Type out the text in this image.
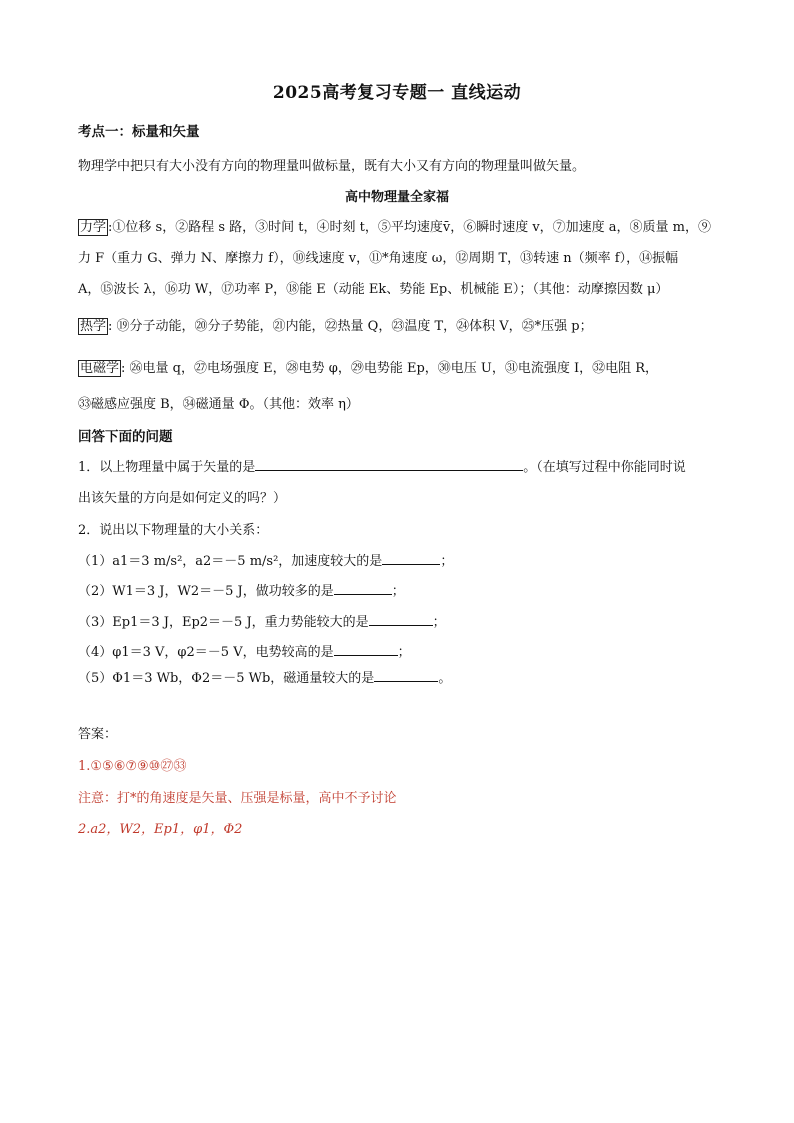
2025高考复习专题一 直线运动
考点一：标量和矢量
物理学中把只有大小没有方向的物理量叫做标量，既有大小又有方向的物理量叫做矢量。
高中物理量全家福
力学 :①位移 s，②路程 s 路，③时间 t，④时刻 t，⑤平均速度v̄，⑥瞬时速度 v，⑦加速度 a，⑧质量 m，⑨
力 F（重力 G、弹力 N、摩擦力 f），⑩线速度 v，⑪*角速度 ω，⑫周期 T，⑬转速 n（频率 f），⑭振幅
A，⑮波长 λ，⑯功 W，⑰功率 P，⑱能 E（动能 Ek、势能 Ep、机械能 E）；（其他：动摩擦因数 μ）
热学 : ⑲分子动能，⑳分子势能，㉑内能，㉒热量 Q，㉓温度 T，㉔体积 V，㉕*压强 p；
电磁学 : ㉖电量 q，㉗电场强度 E，㉘电势 φ，㉙电势能 Ep，㉚电压 U，㉛电流强度 I，㉜电阻 R，
㉝磁感应强度 B，㉞磁通量 Φ。（其他：效率 η）
回答下面的问题
1．以上物理量中属于矢量的是	。（在填写过程中你能同时说
出该矢量的方向是如何定义的吗？）
2．说出以下物理量的大小关系：
（1）a1＝3 m/s²，a2＝－5 m/s²，加速度较大的是	；
（2）W1＝3 J，W2＝－5 J，做功较多的是	；
（3）Ep1＝3 J，Ep2＝－5 J，重力势能较大的是	；
（4）φ1＝3 V，φ2＝－5 V，电势较高的是	；
（5）Φ1＝3 Wb，Φ2＝－5 Wb，磁通量较大的是	。
答案：
1.①⑤⑥⑦⑨⑩㉗㉝
注意：打*的角速度是矢量、压强是标量，高中不予讨论
2.a2，W2，Ep1，φ1，Φ2
